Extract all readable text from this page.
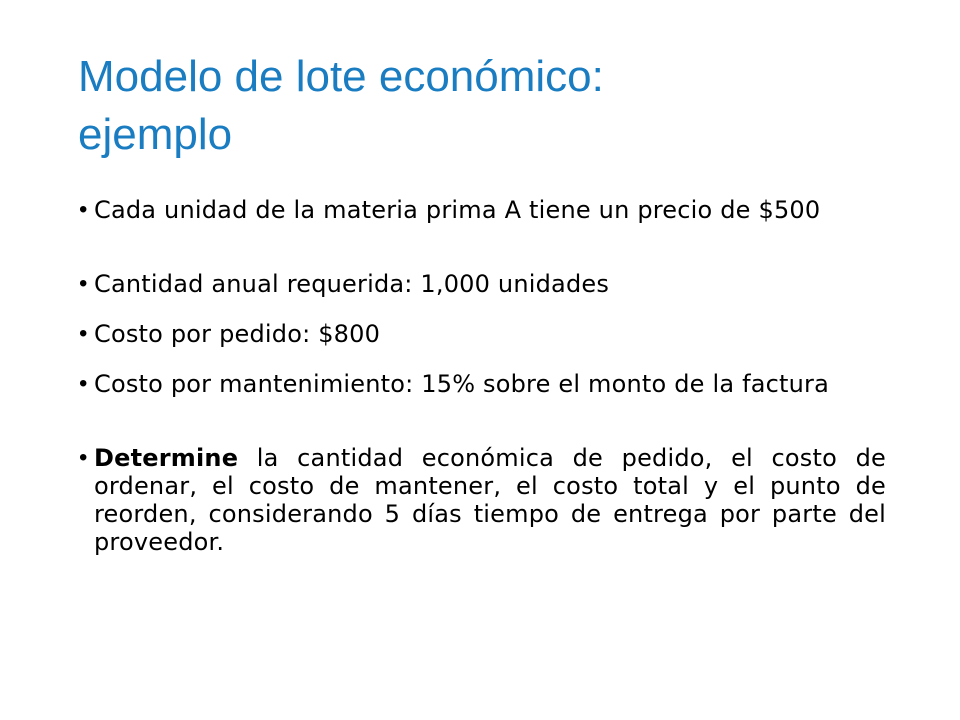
Modelo de lote económico:
ejemplo
• Cada unidad de la materia prima A tiene un precio de $500

• Cantidad anual requerida: 1,000 unidades

• Costo por pedido: $800

• Costo por mantenimiento: 15% sobre el monto de la factura

• Determine la cantidad económica de pedido, el costo de ordenar, el costo de mantener, el costo total y el punto de reorden, considerando 5 días tiempo de entrega por parte del proveedor.
